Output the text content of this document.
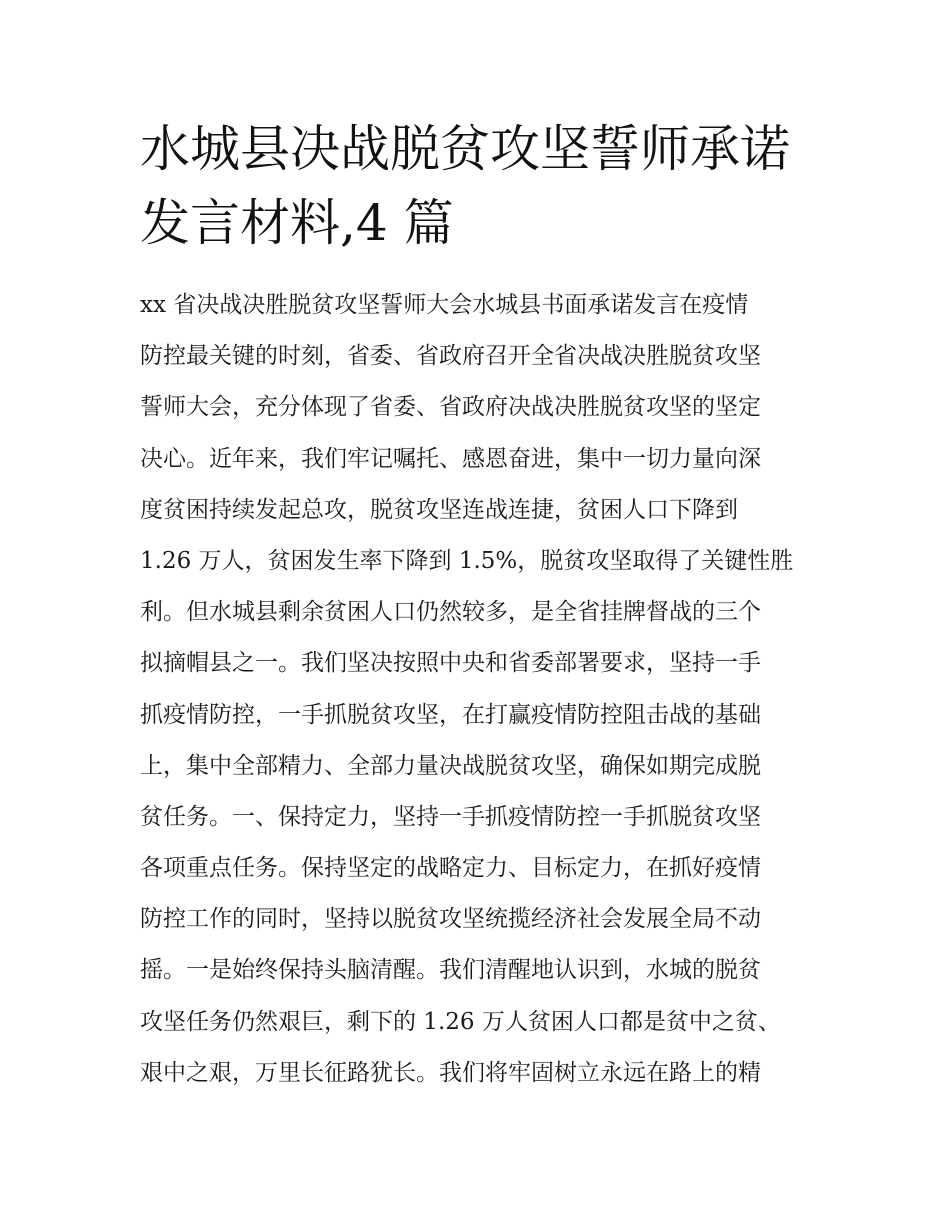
水城县决战脱贫攻坚誓师承诺
发言材料,4 篇
xx 省决战决胜脱贫攻坚誓师大会水城县书面承诺发言在疫情
防控最关键的时刻，省委、省政府召开全省决战决胜脱贫攻坚
誓师大会，充分体现了省委、省政府决战决胜脱贫攻坚的坚定
决心。近年来，我们牢记嘱托、感恩奋进，集中一切力量向深
度贫困持续发起总攻，脱贫攻坚连战连捷，贫困人口下降到
1.26 万人，贫困发生率下降到 1.5%，脱贫攻坚取得了关键性胜
利。但水城县剩余贫困人口仍然较多，是全省挂牌督战的三个
拟摘帽县之一。我们坚决按照中央和省委部署要求，坚持一手
抓疫情防控，一手抓脱贫攻坚，在打赢疫情防控阻击战的基础
上，集中全部精力、全部力量决战脱贫攻坚，确保如期完成脱
贫任务。一、保持定力，坚持一手抓疫情防控一手抓脱贫攻坚
各项重点任务。保持坚定的战略定力、目标定力，在抓好疫情
防控工作的同时，坚持以脱贫攻坚统揽经济社会发展全局不动
摇。一是始终保持头脑清醒。我们清醒地认识到，水城的脱贫
攻坚任务仍然艰巨，剩下的 1.26 万人贫困人口都是贫中之贫、
艰中之艰，万里长征路犹长。我们将牢固树立永远在路上的精
